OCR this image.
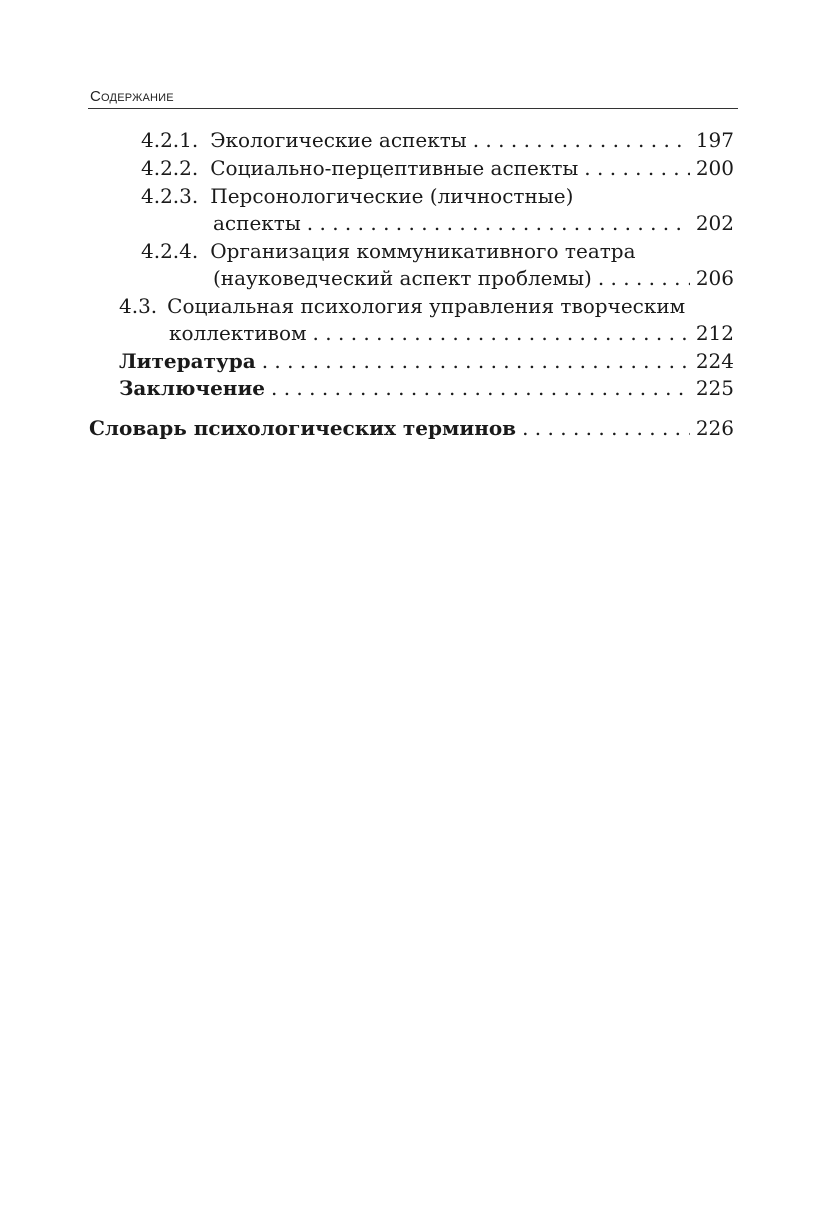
Содержание
4.2.1. Экологические аспекты . . .	197
4.2.2. Социально-перцептивные аспекты . . .	200
4.2.3. Персонологические (личностные)
аспекты . . .	202
4.2.4. Организация коммуникативного театра
(науковедческий аспект проблемы) . . .	206
4.3. Социальная психология управления творческим
коллективом . . .	212
Литература . . .	224
Заключение . . .	225
Словарь психологических терминов . . .	226
